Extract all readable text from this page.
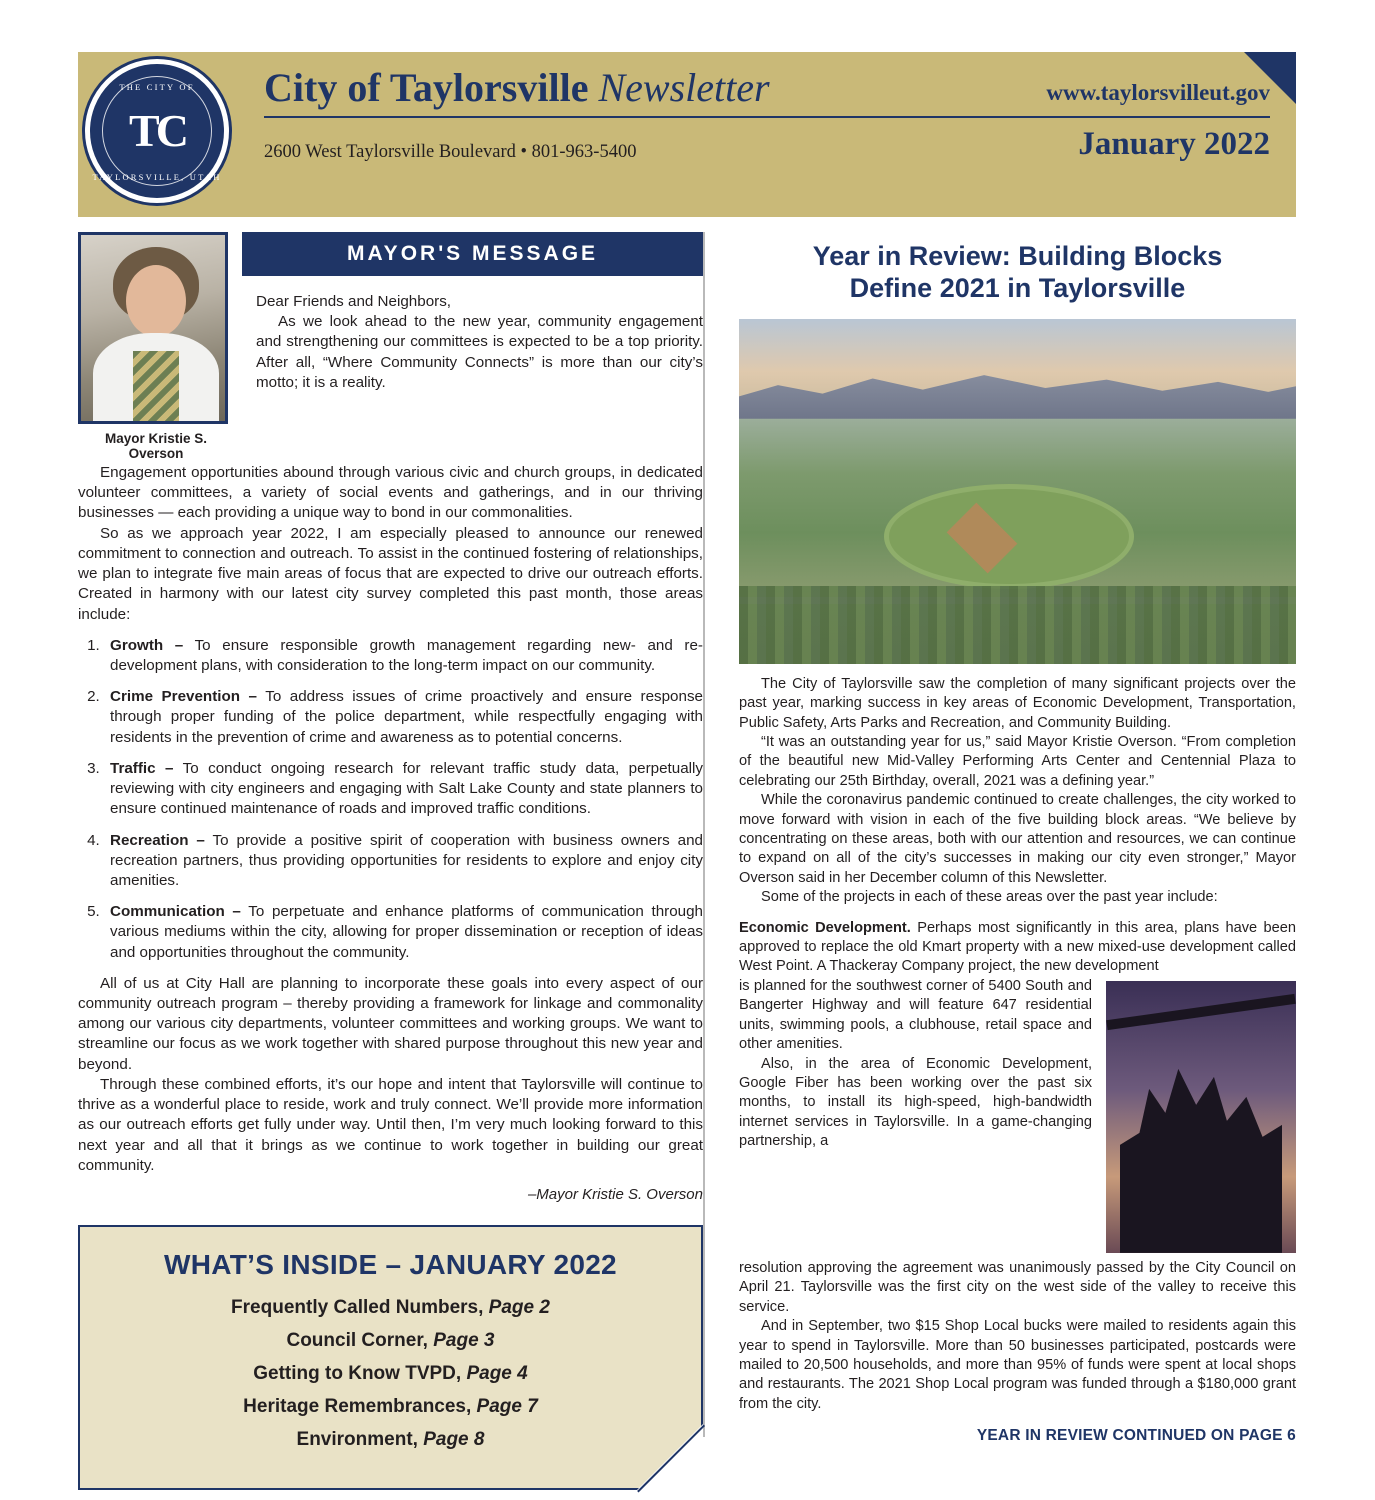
THE CITY OF
TC
TAYLORSVILLE, UTAH
City of Taylorsville Newsletter	www.taylorsvilleut.gov
2600 West Taylorsville Boulevard • 801-963-5400	January 2022
Mayor Kristie S. Overson
MAYOR'S MESSAGE

Dear Friends and Neighbors,

As we look ahead to the new year, community engagement and strengthening our committees is expected to be a top priority. After all, “Where Community Connects” is more than our city’s motto; it is a reality.

Engagement opportunities abound through various civic and church groups, in dedicated volunteer committees, a variety of social events and gatherings, and in our thriving businesses — each providing a unique way to bond in our commonalities.

So as we approach year 2022, I am especially pleased to announce our renewed commitment to connection and outreach. To assist in the continued fostering of relationships, we plan to integrate five main areas of focus that are expected to drive our outreach efforts. Created in harmony with our latest city survey completed this past month, those areas include:

1. Growth – To ensure responsible growth management regarding new- and re-development plans, with consideration to the long-term impact on our community.
2. Crime Prevention – To address issues of crime proactively and ensure response through proper funding of the police department, while respectfully engaging with residents in the prevention of crime and awareness as to potential concerns.
3. Traffic – To conduct ongoing research for relevant traffic study data, perpetually reviewing with city engineers and engaging with Salt Lake County and state planners to ensure continued maintenance of roads and improved traffic conditions.
4. Recreation – To provide a positive spirit of cooperation with business owners and recreation partners, thus providing opportunities for residents to explore and enjoy city amenities.
5. Communication – To perpetuate and enhance platforms of communication through various mediums within the city, allowing for proper dissemination or reception of ideas and opportunities throughout the community.

All of us at City Hall are planning to incorporate these goals into every aspect of our community outreach program – thereby providing a framework for linkage and commonality among our various city departments, volunteer committees and working groups. We want to streamline our focus as we work together with shared purpose throughout this new year and beyond.

Through these combined efforts, it’s our hope and intent that Taylorsville will continue to thrive as a wonderful place to reside, work and truly connect. We’ll provide more information as our outreach efforts get fully under way. Until then, I’m very much looking forward to this next year and all that it brings as we continue to work together in building our great community.

–Mayor Kristie S. Overson
WHAT’S INSIDE – JANUARY 2022
Frequently Called Numbers, Page 2
Council Corner, Page 3
Getting to Know TVPD, Page 4
Heritage Remembrances, Page 7
Environment, Page 8
Year in Review: Building Blocks
Define 2021 in Taylorsville

The City of Taylorsville saw the completion of many significant projects over the past year, marking success in key areas of Economic Development, Transportation, Public Safety, Arts Parks and Recreation, and Community Building.

“It was an outstanding year for us,” said Mayor Kristie Overson. “From completion of the beautiful new Mid-Valley Performing Arts Center and Centennial Plaza to celebrating our 25th Birthday, overall, 2021 was a defining year.”

While the coronavirus pandemic continued to create challenges, the city worked to move forward with vision in each of the five building block areas. “We believe by concentrating on these areas, both with our attention and resources, we can continue to expand on all of the city’s successes in making our city even stronger,” Mayor Overson said in her December column of this Newsletter.

Some of the projects in each of these areas over the past year include:

Economic Development. Perhaps most significantly in this area, plans have been approved to replace the old Kmart property with a new mixed-use development called West Point. A Thackeray Company project, the new development

is planned for the southwest corner of 5400 South and Bangerter Highway and will feature 647 residential units, swimming pools, a clubhouse, retail space and other amenities.

Also, in the area of Economic Development, Google Fiber has been working over the past six months, to install its high-speed, high-bandwidth internet services in Taylorsville. In a game-changing partnership, a

resolution approving the agreement was unanimously passed by the City Council on April 21. Taylorsville was the first city on the west side of the valley to receive this service.

And in September, two $15 Shop Local bucks were mailed to residents again this year to spend in Taylorsville. More than 50 businesses participated, postcards were mailed to 20,500 households, and more than 95% of funds were spent at local shops and restaurants. The 2021 Shop Local program was funded through a $180,000 grant from the city.

YEAR IN REVIEW CONTINUED ON PAGE 6
